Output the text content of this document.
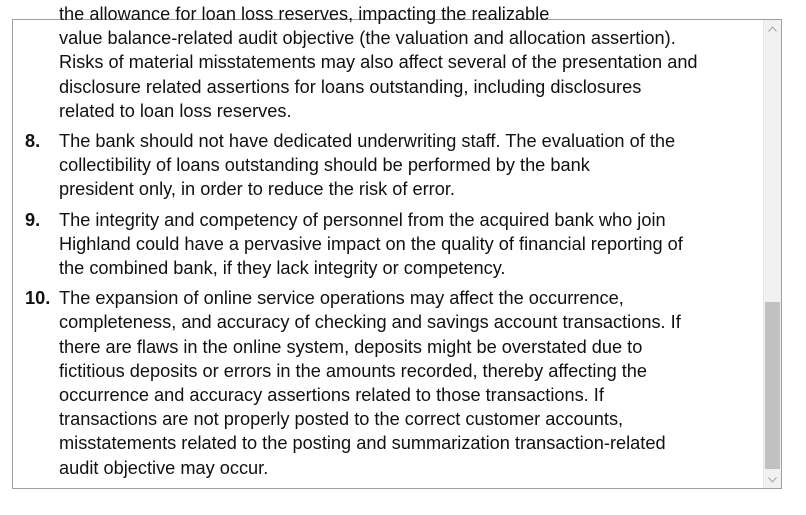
the allowance for loan loss reserves, impacting the realizable
value balance-related audit objective (the valuation and allocation assertion).
Risks of material misstatements may also affect several of the presentation and
disclosure related assertions for loans outstanding, including disclosures
related to loan loss reserves.
8. The bank should not have dedicated underwriting staff. The evaluation of the
collectibility of loans outstanding should be performed by the bank
president only, in order to reduce the risk of error.
9. The integrity and competency of personnel from the acquired bank who join
Highland could have a pervasive impact on the quality of financial reporting of
the combined bank, if they lack integrity or competency.
10. The expansion of online service operations may affect the occurrence,
completeness, and accuracy of checking and savings account transactions. If
there are flaws in the online system, deposits might be overstated due to
fictitious deposits or errors in the amounts recorded, thereby affecting the
occurrence and accuracy assertions related to those transactions. If
transactions are not properly posted to the correct customer accounts,
misstatements related to the posting and summarization transaction-related
audit objective may occur.
